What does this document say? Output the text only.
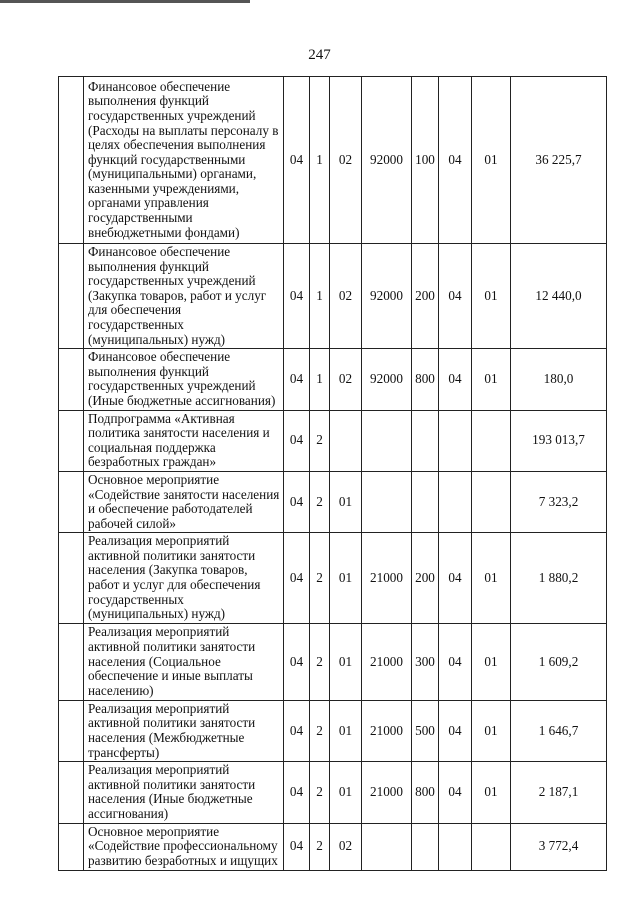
247
	Финансовое обеспечение выполнения функций государственных учреждений (Расходы на выплаты персоналу в целях обеспечения выполнения функций государственными (муниципальными) органами, казенными учреждениями, органами управления государственными внебюджетными фондами)	04	1	02	92000	100	04	01	36 225,7
	Финансовое обеспечение выполнения функций государственных учреждений (Закупка товаров, работ и услуг для обеспечения государственных (муниципальных) нужд)	04	1	02	92000	200	04	01	12 440,0
	Финансовое обеспечение выполнения функций государственных учреждений (Иные бюджетные ассигнования)	04	1	02	92000	800	04	01	180,0
	Подпрограмма «Активная политика занятости населения и социальная поддержка безработных граждан»	04	2						193 013,7
	Основное мероприятие «Содействие занятости населения и обеспечение работодателей рабочей силой»	04	2	01					7 323,2
	Реализация мероприятий активной политики занятости населения (Закупка товаров, работ и услуг для обеспечения государственных (муниципальных) нужд)	04	2	01	21000	200	04	01	1 880,2
	Реализация мероприятий активной политики занятости населения (Социальное обеспечение и иные выплаты населению)	04	2	01	21000	300	04	01	1 609,2
	Реализация мероприятий активной политики занятости населения (Межбюджетные трансферты)	04	2	01	21000	500	04	01	1 646,7
	Реализация мероприятий активной политики занятости населения (Иные бюджетные ассигнования)	04	2	01	21000	800	04	01	2 187,1
	Основное мероприятие «Содействие профессиональному развитию безработных и ищущих	04	2	02					3 772,4
